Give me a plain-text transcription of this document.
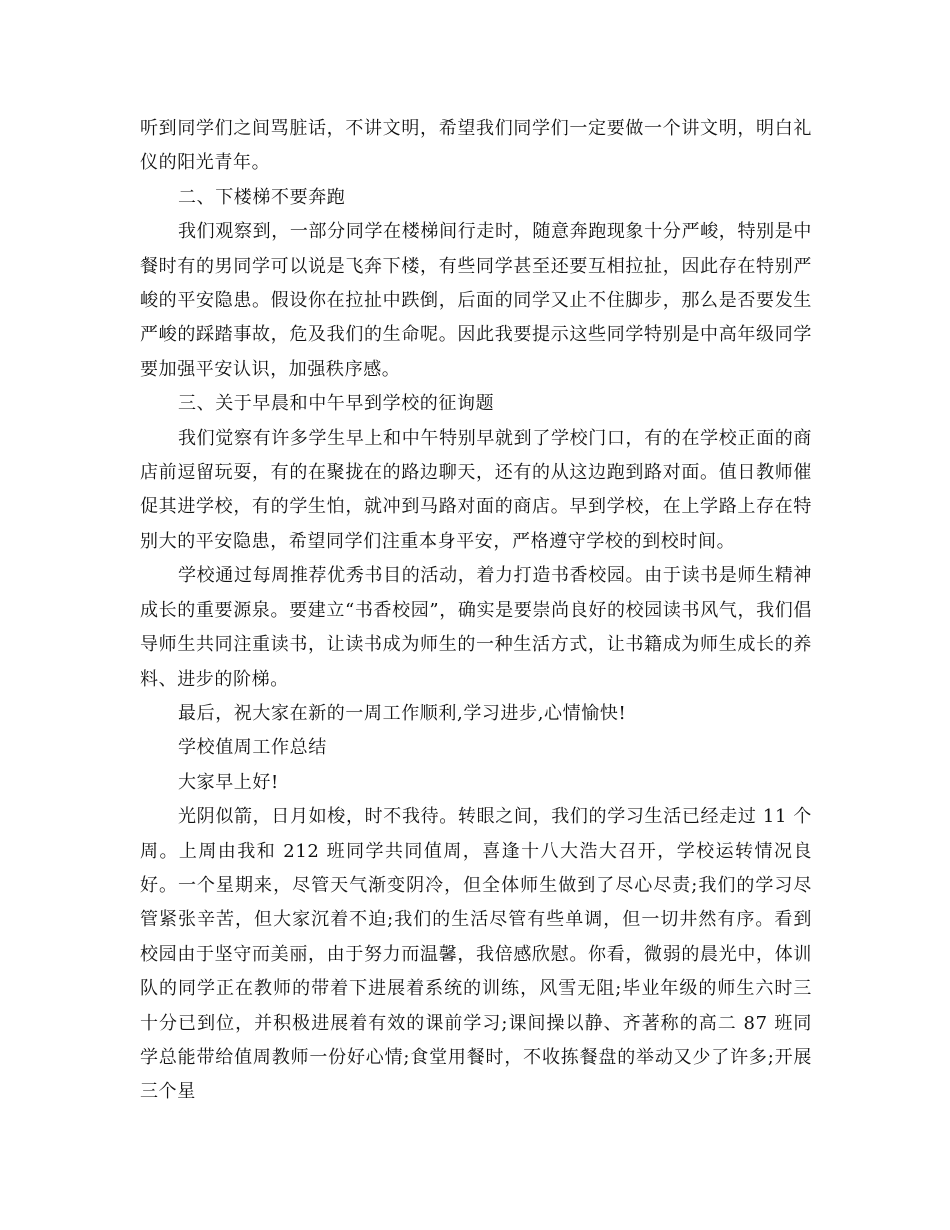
听到同学们之间骂脏话，不讲文明，希望我们同学们一定要做一个讲文明，明白礼仪的阳光青年。

二、下楼梯不要奔跑

我们观察到，一部分同学在楼梯间行走时，随意奔跑现象十分严峻，特别是中餐时有的男同学可以说是飞奔下楼，有些同学甚至还要互相拉扯，因此存在特别严峻的平安隐患。假设你在拉扯中跌倒，后面的同学又止不住脚步，那么是否要发生严峻的踩踏事故，危及我们的生命呢。因此我要提示这些同学特别是中高年级同学要加强平安认识，加强秩序感。

三、关于早晨和中午早到学校的征询题

我们觉察有许多学生早上和中午特别早就到了学校门口，有的在学校正面的商店前逗留玩耍，有的在聚拢在的路边聊天，还有的从这边跑到路对面。值日教师催促其进学校，有的学生怕，就冲到马路对面的商店。早到学校，在上学路上存在特别大的平安隐患，希望同学们注重本身平安，严格遵守学校的到校时间。

学校通过每周推荐优秀书目的活动，着力打造书香校园。由于读书是师生精神成长的重要源泉。要建立“书香校园”，确实是要崇尚良好的校园读书风气，我们倡导师生共同注重读书，让读书成为师生的一种生活方式，让书籍成为师生成长的养料、进步的阶梯。

最后，祝大家在新的一周工作顺利,学习进步,心情愉快!

学校值周工作总结

大家早上好!

光阴似箭，日月如梭，时不我待。转眼之间，我们的学习生活已经走过 11 个周。上周由我和 212 班同学共同值周，喜逢十八大浩大召开，学校运转情况良好。一个星期来，尽管天气渐变阴冷，但全体师生做到了尽心尽责;我们的学习尽管紧张辛苦，但大家沉着不迫;我们的生活尽管有些单调，但一切井然有序。看到校园由于坚守而美丽，由于努力而温馨，我倍感欣慰。你看，微弱的晨光中，体训队的同学正在教师的带着下进展着系统的训练，风雪无阻;毕业年级的师生六时三十分已到位，并积极进展着有效的课前学习;课间操以静、齐著称的高二 87 班同学总能带给值周教师一份好心情;食堂用餐时，不收拣餐盘的举动又少了许多;开展三个星
